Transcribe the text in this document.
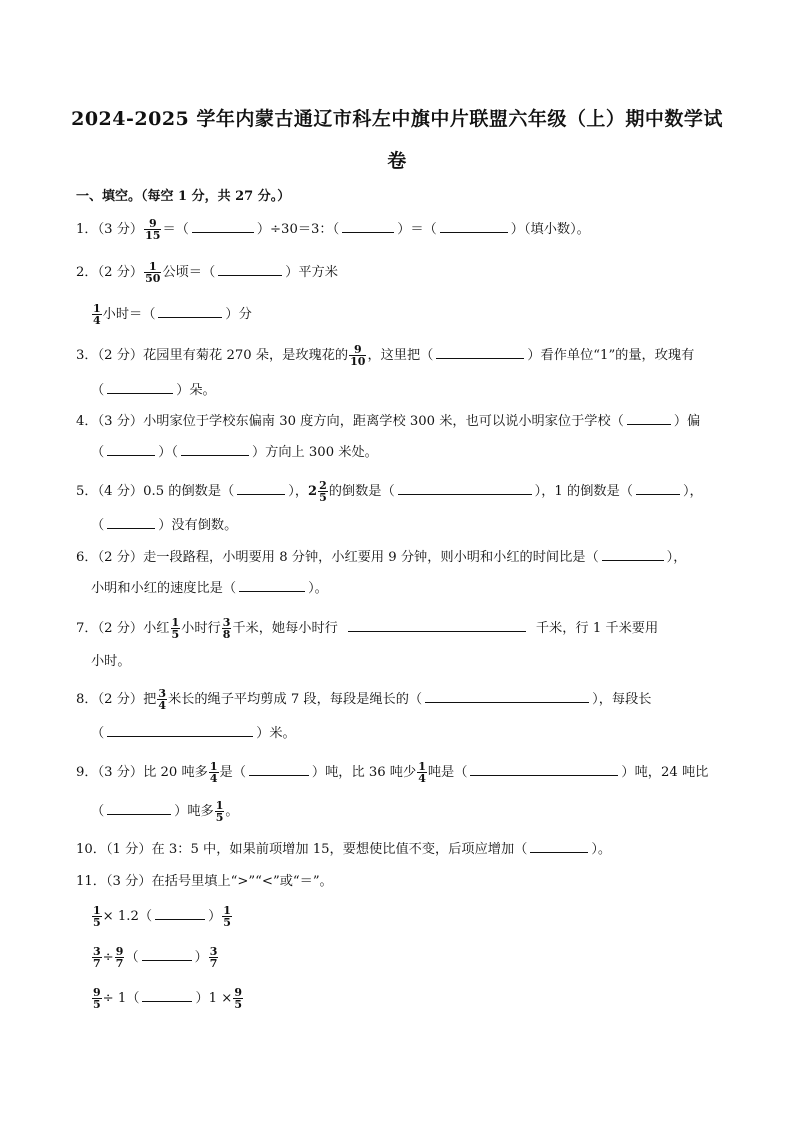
2024-2025 学年内蒙古通辽市科左中旗中片联盟六年级（上）期中数学试
卷
一、填空。（每空 1 分，共 27 分。）
1．（3 分） $\frac{9}{15}$ ＝（	）÷30＝3：（	）＝（	）（填小数）。
2．（2 分） $\frac{1}{50}$ 公顷＝（	）平方米
$\frac{1}{4}$ 小时＝（	）分
3．（2 分）花园里有菊花 270 朵，是玫瑰花的 $\frac{9}{10}$ ，这里把（	）看作单位“1”的量，玫瑰有
（	）朵。
4．（3 分）小明家位于学校东偏南 30 度方向，距离学校 300 米，也可以说小明家位于学校（	）偏
（	）（	）方向上 300 米处。
5．（4 分）0.5 的倒数是（	），$2 \frac{2}{5}$ 的倒数是（	），1 的倒数是（	），
（	）没有倒数。
6．（2 分）走一段路程，小明要用 8 分钟，小红要用 9 分钟，则小明和小红的时间比是（	），
小明和小红的速度比是（	）。
7．（2 分）小红 $\frac{1}{5}$ 小时行 $\frac{3}{8}$ 千米，她每小时行	千米，行 1 千米要用
小时。
8．（2 分）把 $\frac{3}{4}$ 米长的绳子平均剪成 7 段，每段是绳长的（	），每段长
（	）米。
9．（3 分）比 20 吨多 $\frac{1}{4}$ 是（	）吨，比 36 吨少 $\frac{1}{4}$ 吨是（	）吨，24 吨比
（	）吨多 $\frac{1}{5}$ 。
10．（1 分）在 3：5 中，如果前项增加 15，要想使比值不变，后项应增加（	）。
11．（3 分）在括号里填上“>”“<”或“＝”。
$\frac{1}{5} \times 1.2$（	） $\frac{1}{5}$
$\frac{3}{7} \div \frac{9}{7}$ （	） $\frac{3}{7}$
$\frac{9}{5} \div 1$（	）$1 \times \frac{9}{5}$
